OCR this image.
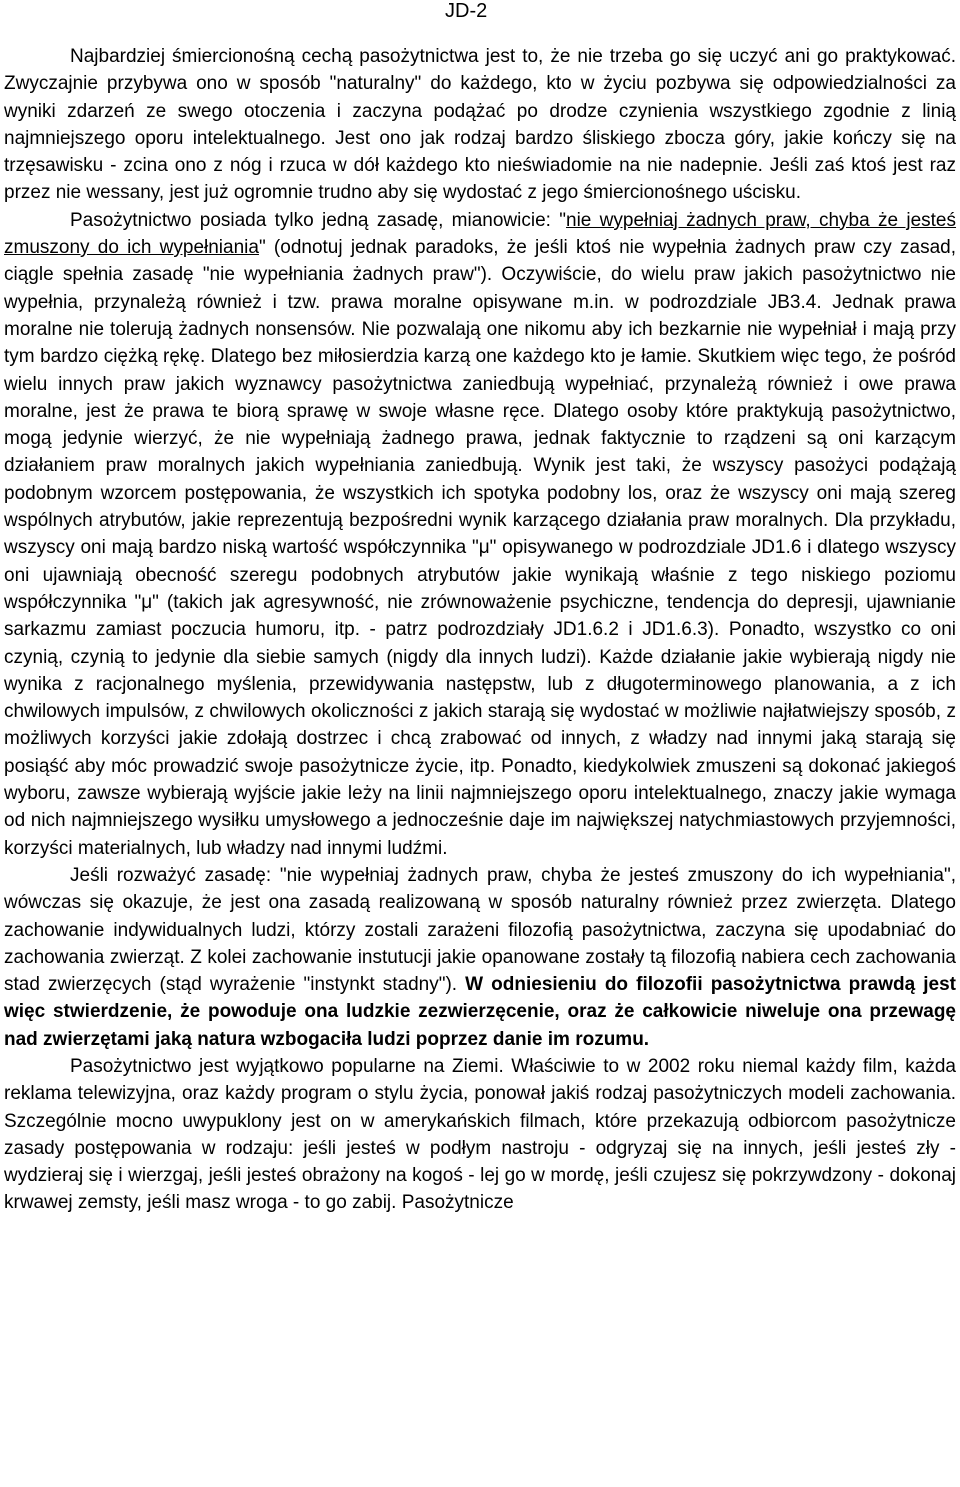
JD-2

Najbardziej śmiercionośną cechą pasożytnictwa jest to, że nie trzeba go się uczyć ani go praktykować. Zwyczajnie przybywa ono w sposób "naturalny" do każdego, kto w życiu pozbywa się odpowiedzialności za wyniki zdarzeń ze swego otoczenia i zaczyna podążać po drodze czynienia wszystkiego zgodnie z linią najmniejszego oporu intelektualnego. Jest ono jak rodzaj bardzo śliskiego zbocza góry, jakie kończy się na trzęsawisku - zcina ono z nóg i rzuca w dół każdego kto nieświadomie na nie nadepnie. Jeśli zaś ktoś jest raz przez nie wessany, jest już ogromnie trudno aby się wydostać z jego śmiercionośnego uścisku.

Pasożytnictwo posiada tylko jedną zasadę, mianowicie: "nie wypełniaj żadnych praw, chyba że jesteś zmuszony do ich wypełniania" (odnotuj jednak paradoks, że jeśli ktoś nie wypełnia żadnych praw czy zasad, ciągle spełnia zasadę "nie wypełniania żadnych praw"). Oczywiście, do wielu praw jakich pasożytnictwo nie wypełnia, przynależą również i tzw. prawa moralne opisywane m.in. w podrozdziale JB3.4. Jednak prawa moralne nie tolerują żadnych nonsensów. Nie pozwalają one nikomu aby ich bezkarnie nie wypełniał i mają przy tym bardzo ciężką rękę. Dlatego bez miłosierdzia karzą one każdego kto je łamie. Skutkiem więc tego, że pośród wielu innych praw jakich wyznawcy pasożytnictwa zaniedbują wypełniać, przynależą również i owe prawa moralne, jest że prawa te biorą sprawę w swoje własne ręce. Dlatego osoby które praktykują pasożytnictwo, mogą jedynie wierzyć, że nie wypełniają żadnego prawa, jednak faktycznie to rządzeni są oni karzącym działaniem praw moralnych jakich wypełniania zaniedbują. Wynik jest taki, że wszyscy pasożyci podążają podobnym wzorcem postępowania, że wszystkich ich spotyka podobny los, oraz że wszyscy oni mają szereg wspólnych atrybutów, jakie reprezentują bezpośredni wynik karzącego działania praw moralnych. Dla przykładu, wszyscy oni mają bardzo niską wartość współczynnika "μ" opisywanego w podrozdziale JD1.6 i dlatego wszyscy oni ujawniają obecność szeregu podobnych atrybutów jakie wynikają właśnie z tego niskiego poziomu współczynnika "μ" (takich jak agresywność, nie zrównoważenie psychiczne, tendencja do depresji, ujawnianie sarkazmu zamiast poczucia humoru, itp. - patrz podrozdziały JD1.6.2 i JD1.6.3). Ponadto, wszystko co oni czynią, czynią to jedynie dla siebie samych (nigdy dla innych ludzi). Każde działanie jakie wybierają nigdy nie wynika z racjonalnego myślenia, przewidywania następstw, lub z długoterminowego planowania, a z ich chwilowych impulsów, z chwilowych okoliczności z jakich starają się wydostać w możliwie najłatwiejszy sposób, z możliwych korzyści jakie zdołają dostrzec i chcą zrabować od innych, z władzy nad innymi jaką starają się posiąść aby móc prowadzić swoje pasożytnicze życie, itp. Ponadto, kiedykolwiek zmuszeni są dokonać jakiegoś wyboru, zawsze wybierają wyjście jakie leży na linii najmniejszego oporu intelektualnego, znaczy jakie wymaga od nich najmniejszego wysiłku umysłowego a jednocześnie daje im największej natychmiastowych przyjemności, korzyści materialnych, lub władzy nad innymi ludźmi.

Jeśli rozważyć zasadę: "nie wypełniaj żadnych praw, chyba że jesteś zmuszony do ich wypełniania", wówczas się okazuje, że jest ona zasadą realizowaną w sposób naturalny również przez zwierzęta. Dlatego zachowanie indywidualnych ludzi, którzy zostali zarażeni filozofią pasożytnictwa, zaczyna się upodabniać do zachowania zwierząt. Z kolei zachowanie instutucji jakie opanowane zostały tą filozofią nabiera cech zachowania stad zwierzęcych (stąd wyrażenie "instynkt stadny"). W odniesieniu do filozofii pasożytnictwa prawdą jest więc stwierdzenie, że powoduje ona ludzkie zezwierzęcenie, oraz że całkowicie niweluje ona przewagę nad zwierzętami jaką natura wzbogaciła ludzi poprzez danie im rozumu.

Pasożytnictwo jest wyjątkowo popularne na Ziemi. Właściwie to w 2002 roku niemal każdy film, każda reklama telewizyjna, oraz każdy program o stylu życia, ponował jakiś rodzaj pasożytniczych modeli zachowania. Szczególnie mocno uwypuklony jest on w amerykańskich filmach, które przekazują odbiorcom pasożytnicze zasady postępowania w rodzaju: jeśli jesteś w podłym nastroju - odgryzaj się na innych, jeśli jesteś zły - wydzieraj się i wierzgaj, jeśli jesteś obrażony na kogoś - lej go w mordę, jeśli czujesz się pokrzywdzony - dokonaj krwawej zemsty, jeśli masz wroga - to go zabij. Pasożytnicze
